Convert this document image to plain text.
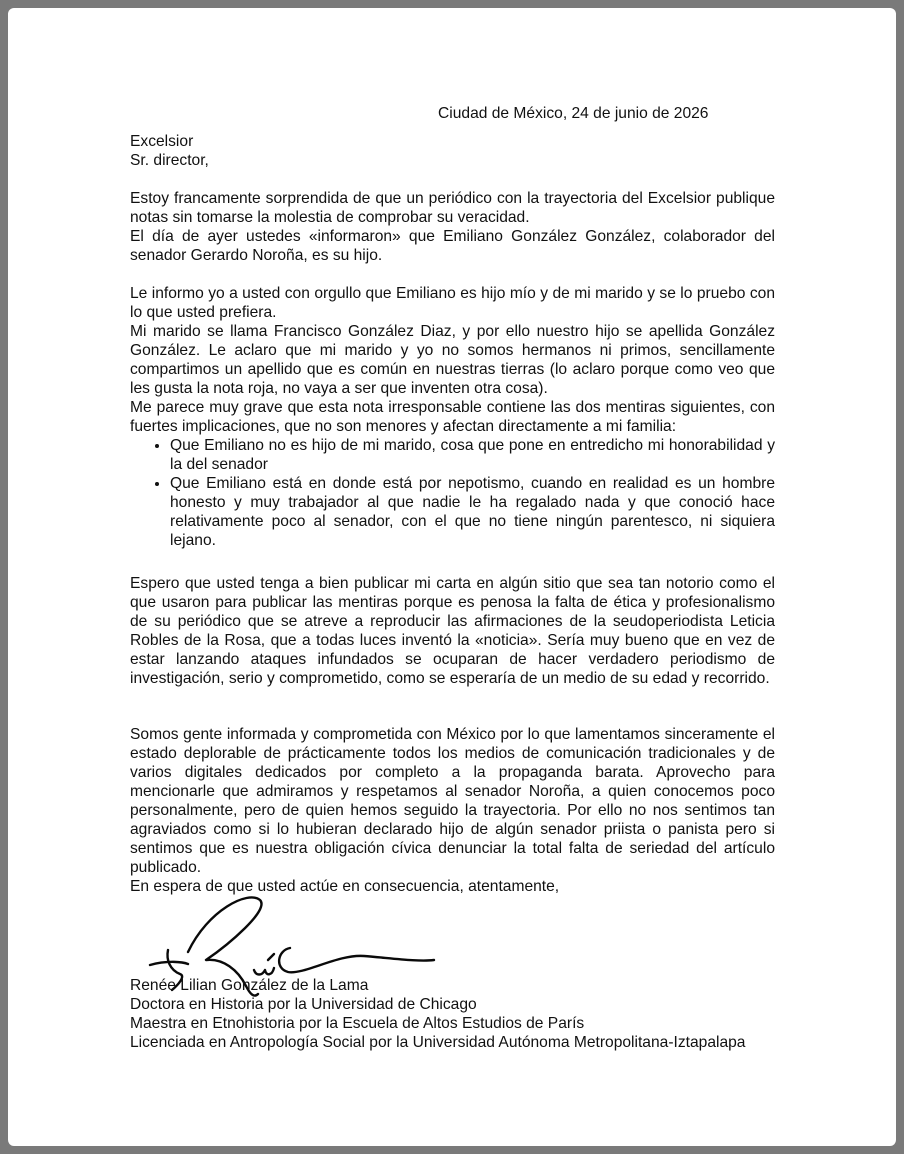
Ciudad de México, 24 de junio de 2026
Excelsior
Sr. director,

Estoy francamente sorprendida de que un periódico con la trayectoria del Excelsior publique notas sin tomarse la molestia de comprobar su veracidad.

El día de ayer ustedes «informaron» que Emiliano González González, colaborador del senador Gerardo Noroña, es su hijo.

Le informo yo a usted con orgullo que Emiliano es hijo mío y de mi marido y se lo pruebo con lo que usted prefiera.

Mi marido se llama Francisco González Diaz, y por ello nuestro hijo se apellida González González. Le aclaro que mi marido y yo no somos hermanos ni primos, sencillamente compartimos un apellido que es común en nuestras tierras (lo aclaro porque como veo que les gusta la nota roja, no vaya a ser que inventen otra cosa).

Me parece muy grave que esta nota irresponsable contiene las dos mentiras siguientes, con fuertes implicaciones, que no son menores y afectan directamente a mi familia:

• Que Emiliano no es hijo de mi marido, cosa que pone en entredicho mi honorabilidad y la del senador
• Que Emiliano está en donde está por nepotismo, cuando en realidad es un hombre honesto y muy trabajador al que nadie le ha regalado nada y que conoció hace relativamente poco al senador, con el que no tiene ningún parentesco, ni siquiera lejano.

Espero que usted tenga a bien publicar mi carta en algún sitio que sea tan notorio como el que usaron para publicar las mentiras porque es penosa la falta de ética y profesionalismo de su periódico que se atreve a reproducir las afirmaciones de la seudoperiodista Leticia Robles de la Rosa, que a todas luces inventó la «noticia». Sería muy bueno que en vez de estar lanzando ataques infundados se ocuparan de hacer verdadero periodismo de investigación, serio y comprometido, como se esperaría de un medio de su edad y recorrido.

Somos gente informada y comprometida con México por lo que lamentamos sinceramente el estado deplorable de prácticamente todos los medios de comunicación tradicionales y de varios digitales dedicados por completo a la propaganda barata. Aprovecho para mencionarle que admiramos y respetamos al senador Noroña, a quien conocemos poco personalmente, pero de quien hemos seguido la trayectoria. Por ello no nos sentimos tan agraviados como si lo hubieran declarado hijo de algún senador priista o panista pero si sentimos que es nuestra obligación cívica denunciar la total falta de seriedad del artículo publicado.

En espera de que usted actúe en consecuencia, atentamente,

Renée Lilian González de la Lama
Doctora en Historia por la Universidad de Chicago
Maestra en Etnohistoria por la Escuela de Altos Estudios de París
Licenciada en Antropología Social por la Universidad Autónoma Metropolitana-Iztapalapa
